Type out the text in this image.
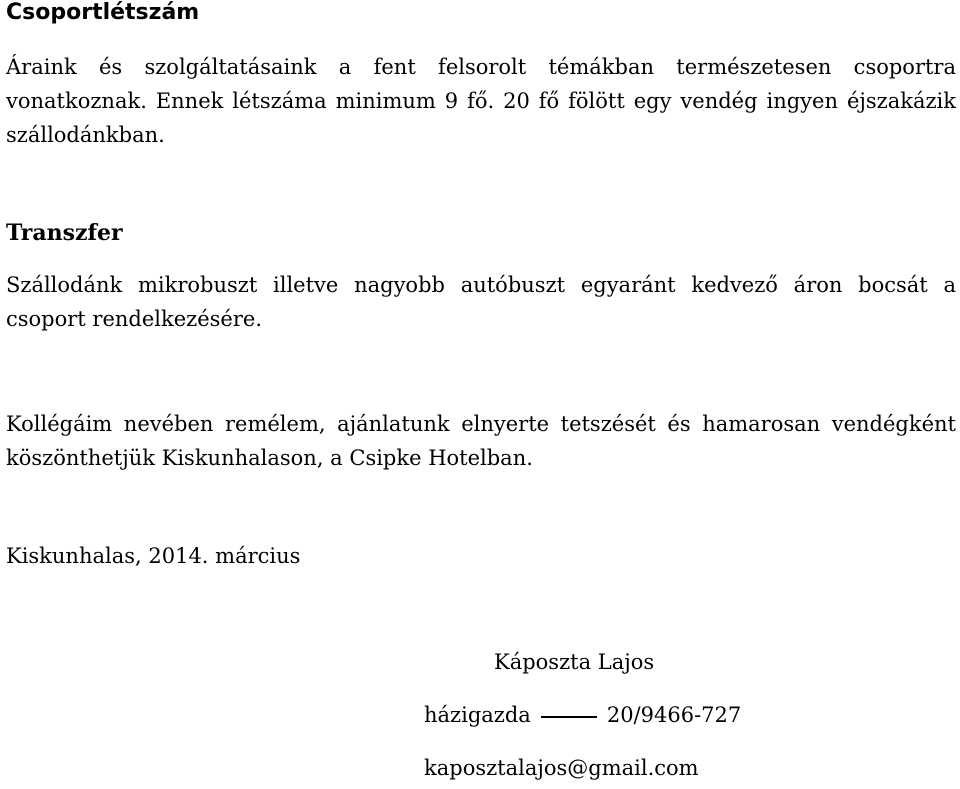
Csoportlétszám

Áraink és szolgáltatásaink a fent felsorolt témákban természetesen csoportra vonatkoznak. Ennek létszáma minimum 9 fő. 20 fő fölött egy vendég ingyen éjszakázik szállodánkban.

Transzfer

Szállodánk mikrobuszt illetve nagyobb autóbuszt egyaránt kedvező áron bocsát a csoport rendelkezésére.

Kollégáim nevében remélem, ajánlatunk elnyerte tetszését és hamarosan vendégként köszönthetjük Kiskunhalason, a Csipke Hotelban.

Kiskunhalas, 2014. március
Káposzta Lajos
házigazda	20/9466-727
kaposztalajos@gmail.com
